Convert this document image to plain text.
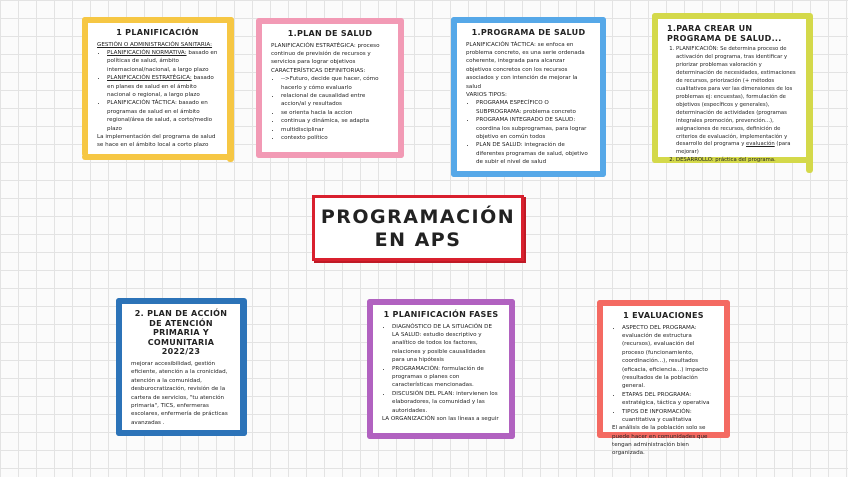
1 PLANIFICACIÓN

GESTIÓN O ADMINISTRACIÓN SANITARIA:

• PLANIFICACIÓN NORMATIVA: basado en políticas de salud, ámbito internacional/nacional, a largo plazo
• PLANIFICACIÓN ESTRATÉGICA: basado en planes de salud en el ámbito nacional o regional, a largo plazo
• PLANIFICACIÓN TÁCTICA: basado en programas de salud en el ámbito regional/área de salud, a corto/medio plazo

La implementación del programa de salud se hace en el ámbito local a corto plazo

1.PLAN DE SALUD

PLANIFICACIÓN ESTRATÉGICA: proceso continuo de previsión de recursos y servicios para lograr objetivos

CARACTERÍSTICAS DEFINITORIAS:

• -->Futuro, decide que hacer, cómo hacerlo y cómo evaluarlo
• relacional de causalidad entre accion/al y resultados
• se orienta hacia la accion
• continua y dinámica, se adapta
• multidisciplinar
• contexto político
1.PROGRAMA DE SALUD

PLANIFICACIÓN TÁCTICA: se enfoca en problema concreto, es una serie ordenada coherente, integrada para alcanzar objetivos concretos con los recursos asociados y con intención de mejorar la salud

VARIOS TIPOS:

• PROGRAMA ESPECÍFICO O SUBPROGRAMA: problema concreto
• PROGRAMA INTEGRADO DE SALUD: coordina los subprogramas, para lograr objetivo en común todos
• PLAN DE SALUD: integración de diferentes programas de salud, objetivo de subir el nivel de salud
1.PARA CREAR UN PROGRAMA DE SALUD...
1. PLANIFICACIÓN: Se determina proceso de activación del programa, tras identificar y priorizar problemas valoración y determinación de necesidades, estimaciones de recursos, priorización (+ métodos cualitativos para ver las dimensiones de los problemas ej: encuestas), formulación de objetivos (específicos y generales), determinación de actividades (programas integrales promoción, prevención...), asignaciones de recursos, definición de criterios de evaluación, implementación y desarrollo del programa y evaluación (para mejorar)
2. DESARROLLO: práctica del programa.
PROGRAMACIÓN
EN APS
2. PLAN DE ACCIÓN DE ATENCIÓN PRIMARIA Y COMUNITARIA 2022/23

mejorar accesibilidad, gestión eficiente, atención a la cronicidad, atención a la comunidad, desburocratización, revisión de la cartera de servicios, "tu atención primaria", TICS, enfermeras escolares, enfermería de prácticas avanzadas .

1 PLANIFICACIÓN FASES
• DIAGNÓSTICO DE LA SITUACIÓN DE LA SALUD: estudio descriptivo y analítico de todos los factores, relaciones y posible causalidades para una hipótesis
• PROGRAMACIÓN: formulación de programas o planes con características mencionadas.
• DISCUSIÓN DEL PLAN: intervienen los elaboradores, la comunidad y las autoridades.

LA ORGANIZACIÓN son las líneas a seguir

1 EVALUACIONES
• ASPECTO DEL PROGRAMA: evaluación de estructura (recursos), evaluación del proceso (funcionamiento, coordinación...), resultados (eficacia, eficiencia...) impacto (resultados de la población general.
• ETAPAS DEL PROGRAMA: estratégica, táctica y operativa
• TIPOS DE INFORMACIÓN: cuantitativa y cualitativa

El análisis de la población solo se puede hacer en comunidades que tengan administración bien organizada.
